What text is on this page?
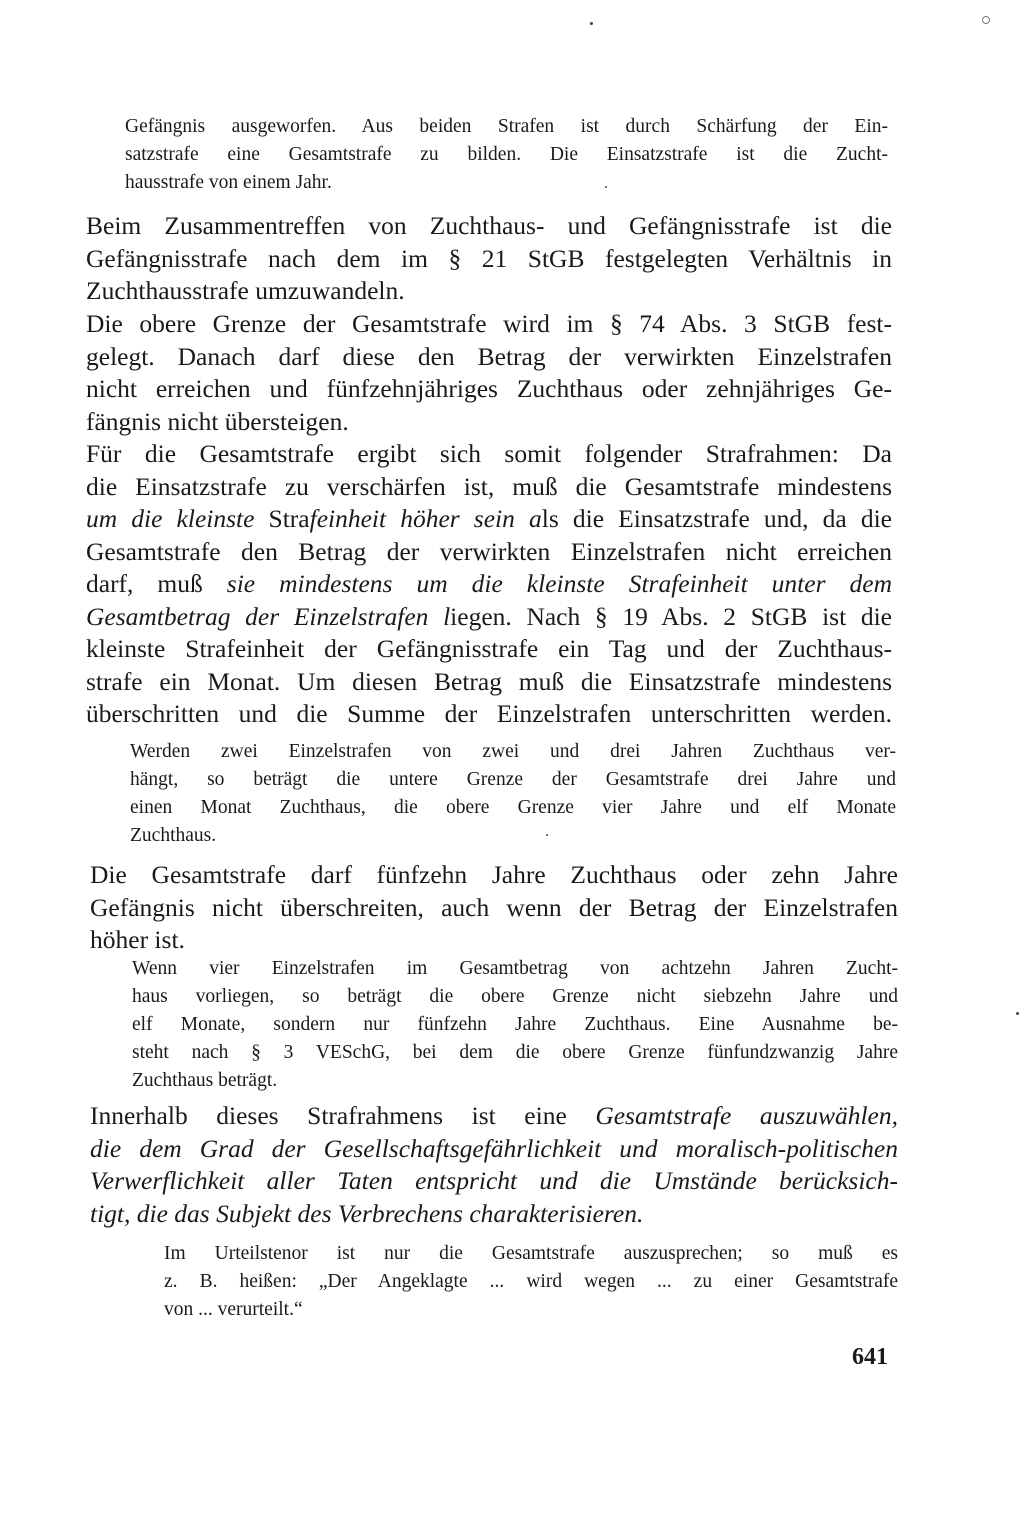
Gefängnis ausgeworfen. Aus beiden Strafen ist durch Schärfung der Ein-
satzstrafe eine Gesamtstrafe zu bilden. Die Einsatzstrafe ist die Zucht-
hausstrafe von einem Jahr.
Beim Zusammentreffen von Zuchthaus- und Gefängnisstrafe ist die
Gefängnisstrafe nach dem im § 21 StGB festgelegten Verhältnis in
Zuchthausstrafe umzuwandeln.
Die obere Grenze der Gesamtstrafe wird im § 74 Abs. 3 StGB fest-
gelegt. Danach darf diese den Betrag der verwirkten Einzelstrafen
nicht erreichen und fünfzehnjähriges Zuchthaus oder zehnjähriges Ge-
fängnis nicht übersteigen.
Für die Gesamtstrafe ergibt sich somit folgender Strafrahmen: Da
die Einsatzstrafe zu verschärfen ist, muß die Gesamtstrafe mindestens
um die kleinste Strafeinheit höher sein als die Einsatzstrafe und, da die
Gesamtstrafe den Betrag der verwirkten Einzelstrafen nicht erreichen
darf, muß sie mindestens um die kleinste Strafeinheit unter dem
Gesamtbetrag der Einzelstrafen liegen. Nach § 19 Abs. 2 StGB ist die
kleinste Strafeinheit der Gefängnisstrafe ein Tag und der Zuchthaus-
strafe ein Monat. Um diesen Betrag muß die Einsatzstrafe mindestens
überschritten und die Summe der Einzelstrafen unterschritten werden.
Werden zwei Einzelstrafen von zwei und drei Jahren Zuchthaus ver-
hängt, so beträgt die untere Grenze der Gesamtstrafe drei Jahre und
einen Monat Zuchthaus, die obere Grenze vier Jahre und elf Monate
Zuchthaus.
Die Gesamtstrafe darf fünfzehn Jahre Zuchthaus oder zehn Jahre
Gefängnis nicht überschreiten, auch wenn der Betrag der Einzelstrafen
höher ist.
Wenn vier Einzelstrafen im Gesamtbetrag von achtzehn Jahren Zucht-
haus vorliegen, so beträgt die obere Grenze nicht siebzehn Jahre und
elf Monate, sondern nur fünfzehn Jahre Zuchthaus. Eine Ausnahme be-
steht nach § 3 VESchG, bei dem die obere Grenze fünfundzwanzig Jahre
Zuchthaus beträgt.
Innerhalb dieses Strafrahmens ist eine Gesamtstrafe auszuwählen,
die dem Grad der Gesellschaftsgefährlichkeit und moralisch-politischen
Verwerflichkeit aller Taten entspricht und die Umstände berücksich-
tigt, die das Subjekt des Verbrechens charakterisieren.
Im Urteilstenor ist nur die Gesamtstrafe auszusprechen; so muß es
z. B. heißen: „Der Angeklagte ... wird wegen ... zu einer Gesamtstrafe
von ... verurteilt.“
641
